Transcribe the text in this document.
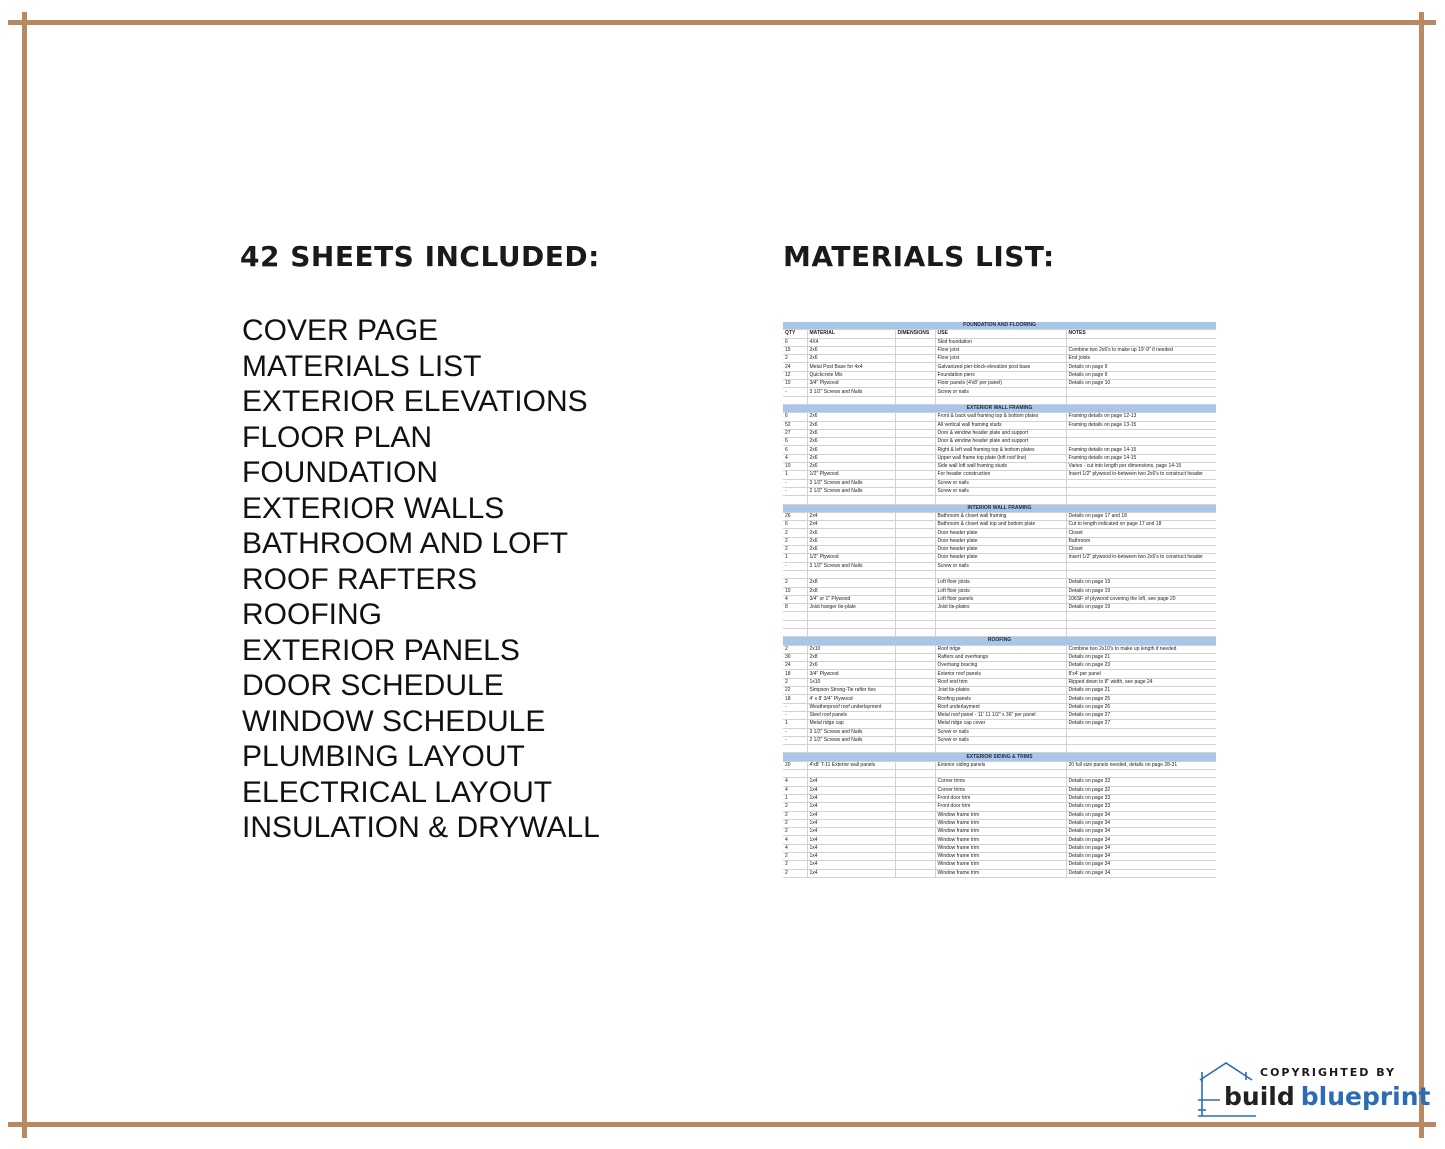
42 SHEETS INCLUDED:	MATERIALS LIST:
COVER PAGE
MATERIALS LIST
EXTERIOR ELEVATIONS
FLOOR PLAN
FOUNDATION
EXTERIOR WALLS
BATHROOM AND LOFT
ROOF RAFTERS
ROOFING
EXTERIOR PANELS
DOOR SCHEDULE
WINDOW SCHEDULE
PLUMBING LAYOUT
ELECTRICAL LAYOUT
INSULATION & DRYWALL
FOUNDATION AND FLOORING				
QTY	MATERIAL	DIMENSIONS	USE	NOTES
6	4X4		Skid foundation	
15	2x6		Floor joist	Combine two 2x6's to make up 19'-9" if needed
2	2x6		Floor joist	End joists
24	Metal Post Base for 4x4		Galvanized pier-block-elevation post base	Details on page 9
12	Quickcrete Mix		Foundation piers	Details on page 9
10	3/4" Plywood		Floor panels (4'x8' per panel)	Details on page 10
-	3 1/2" Screws and Nails		Screw or nails	

EXTERIOR WALL FRAMING				
6	2x6		Front & back wall framing top & bottom plates	Framing details on page 12-13
52	2x6		All vertical wall framing studs	Framing details on page 13-15
27	2x6		Door & window header plate and support	
6	2x6		Door & window header plate and support	
6	2x6		Right & left wall framing top & bottom plates	Framing details on page 14-15
4	2x6		Upper wall frame top plate (loft roof line)	Framing details on page 14-15
10	2x6		Side wall loft wall framing studs	Varies - cut into length per dimensions, page 14-15
1	1/2" Plywood		For header construction	Insert 1/2" plywood in-between two 2x6's to construct header
-	3 1/2" Screws and Nails		Screw or nails	
-	2 1/2" Screws and Nails		Screw or nails	

INTERIOR WALL FRAMING				
26	2x4		Bathroom & closet wall framing	Details on page 17 and 18
6	2x4		Bathroom & closet wall top and bottom plate	Cut to length indicated on page 17 and 18
2	2x6		Door header plate	Closet
2	2x6		Door header plate	Bathroom
2	2x6		Door header plate	Closet
1	1/2" Plywood		Door header plate	Insert 1/2" plywood in-between two 2x6's to construct header
-	3 1/2" Screws and Nails		Screw or nails	

2	2x8		Loft floor joists	Details on page 19
10	2x8		Loft floor joists	Details on page 19
4	3/4" or 1" Plywood		Loft floor panels	106SF of plywood covering the loft, see page 20
8	Joist hanger tie-plate		Joist tie-plates	Details on page 19

ROOFING				
2	2x10		Roof ridge	Combine two 2x10's to make up length if needed
30	2x8		Rafters and overhangs	Details on page 21
24	2x6		Overhang bracing	Details on page 23
18	3/4" Plywood		Exterior roof panels	8'x4' per panel
2	1x10		Roof end trim	Ripped down to 8" width, see page 24
22	Simpson Strong-Tie rafter ties		Joist tie-plates	Details on page 21
18	4' x 8' 3/4" Plywood		Roofing panels	Details on page 25
-	Weatherproof roof underlayment		Roof underlayment	Details on page 26
-	Steel roof panels		Metal roof panel - 11' 11 1/2" x 36" per panel	Details on page 27
1	Metal ridge cap		Metal ridge cap cover	Details on page 27
-	3 1/2" Screws and Nails		Screw or nails	
-	2 1/2" Screws and Nails		Screw or nails	

EXTERIOR SIDING & TRIMS				
20	4'x8' T-11 Exterior wall panels		Exterior siding panels	20 full size panels needed, details on page 28-31

4	1x4		Corner trims	Details on page 32
4	1x4		Corner trims	Details on page 32
1	1x4		Front door trim	Details on page 33
2	1x4		Front door trim	Details on page 33
2	1x4		Window frame trim	Details on page 34
2	1x4		Window frame trim	Details on page 34
2	1x4		Window frame trim	Details on page 34
4	1x4		Window frame trim	Details on page 34
4	1x4		Window frame trim	Details on page 34
2	1x4		Window frame trim	Details on page 34
2	1x4		Window frame trim	Details on page 34
2	1x4		Window frame trim	Details on page 34
COPYRIGHTED BY
build blueprint
